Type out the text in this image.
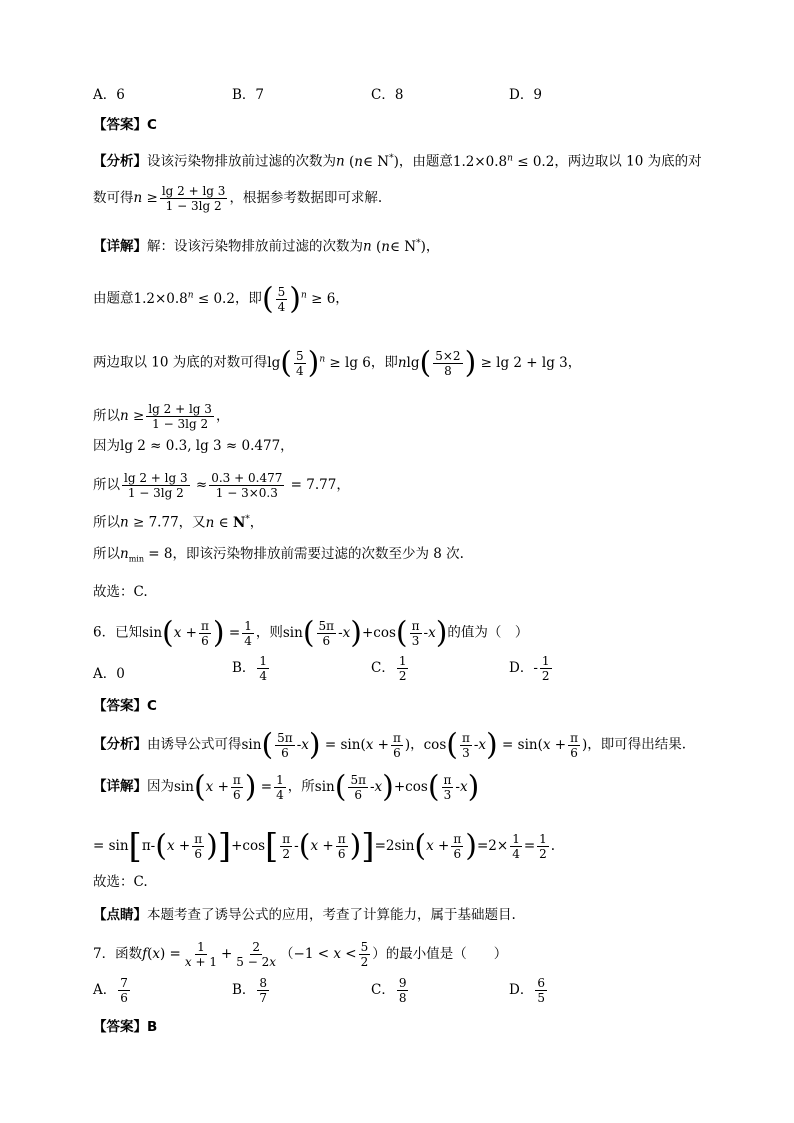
A．6	B．7	C．8	D．9
【答案】C
【分析】设该污染物排放前过滤的次数为n (n∈ N*)，由题意$1.2\times 0.8^n \le 0.2$，两边取以 10 为底的对
数可得$n \ge \frac{\lg 2 + \lg 3}{1 - 3\lg 2}$ ，根据参考数据即可求解.
【详解】解：设该污染物排放前过滤的次数为n (n∈ N*)，
由题意$1.2\times 0.8^n \le 0.2$，即( $\frac{5}{4} )^n \ge 6$，
两边取以 10 为底的对数可得$\lg( \frac{5}{4} )^n \ge \lg 6$，即$nlg( \frac{5\times 2}{8}$ ) ≥ lg 2 + lg 3，
所以$n \ge \frac{\lg 2 + \lg 3}{1 - 3\lg 2}$ ，
因为lg 2 ≈ 0.3, lg 3 ≈ 0.477，
所以 $\frac{\lg 2 + \lg 3}{1 - 3\lg 2} \approx \frac{0.3 + 0.477}{1 - 3\times 0.3} = 7.77$，
所以n ≥ 7.77，又n ∈ N*，
所以$n_{min} = 8$，即该污染物排放前需要过滤的次数至少为 8 次.
故选：C.
6．已知$\sin(x + \frac{\pi}{6}$ ) = $\frac{1}{4}$ ，则$\sin( \frac{5\pi}{6} -x)+\cos( \frac{\pi}{3} -x)$的值为（　）
A．0	B． $\frac{1}{4}$	C． $\frac{1}{2}$	D．- $\frac{1}{2}$
【答案】C
【分析】由诱导公式可得$\sin( \frac{5\pi}{6} -x) = \sin(x + \frac{\pi}{6}$ )，$\cos( \frac{\pi}{3} -x) = \sin(x + \frac{\pi}{6}$ )，即可得出结果.
【详解】因为$\sin(x + \frac{\pi}{6}$ ) = $\frac{1}{4}$ ，所$\sin( \frac{5\pi}{6} -x)+\cos( \frac{\pi}{3} -x)$
= $\sin[\pi-(x + \frac{\pi}{6} )]+\cos[ \frac{\pi}{2} -(x + \frac{\pi}{6} )]=2\sin(x + \frac{\pi}{6} )=2\times \frac{1}{4} = \frac{1}{2}$ .
故选：C.
【点睛】本题考查了诱导公式的应用，考查了计算能力，属于基础题目.
7．函数$f(x) = \frac{1}{x + 1} + \frac{2}{5 - 2x} (-1 < x < \frac{5}{2}$ ）的最小值是（　　）
A． $\frac{7}{6}$	B． $\frac{8}{7}$	C． $\frac{9}{8}$	D． $\frac{6}{5}$
【答案】B
